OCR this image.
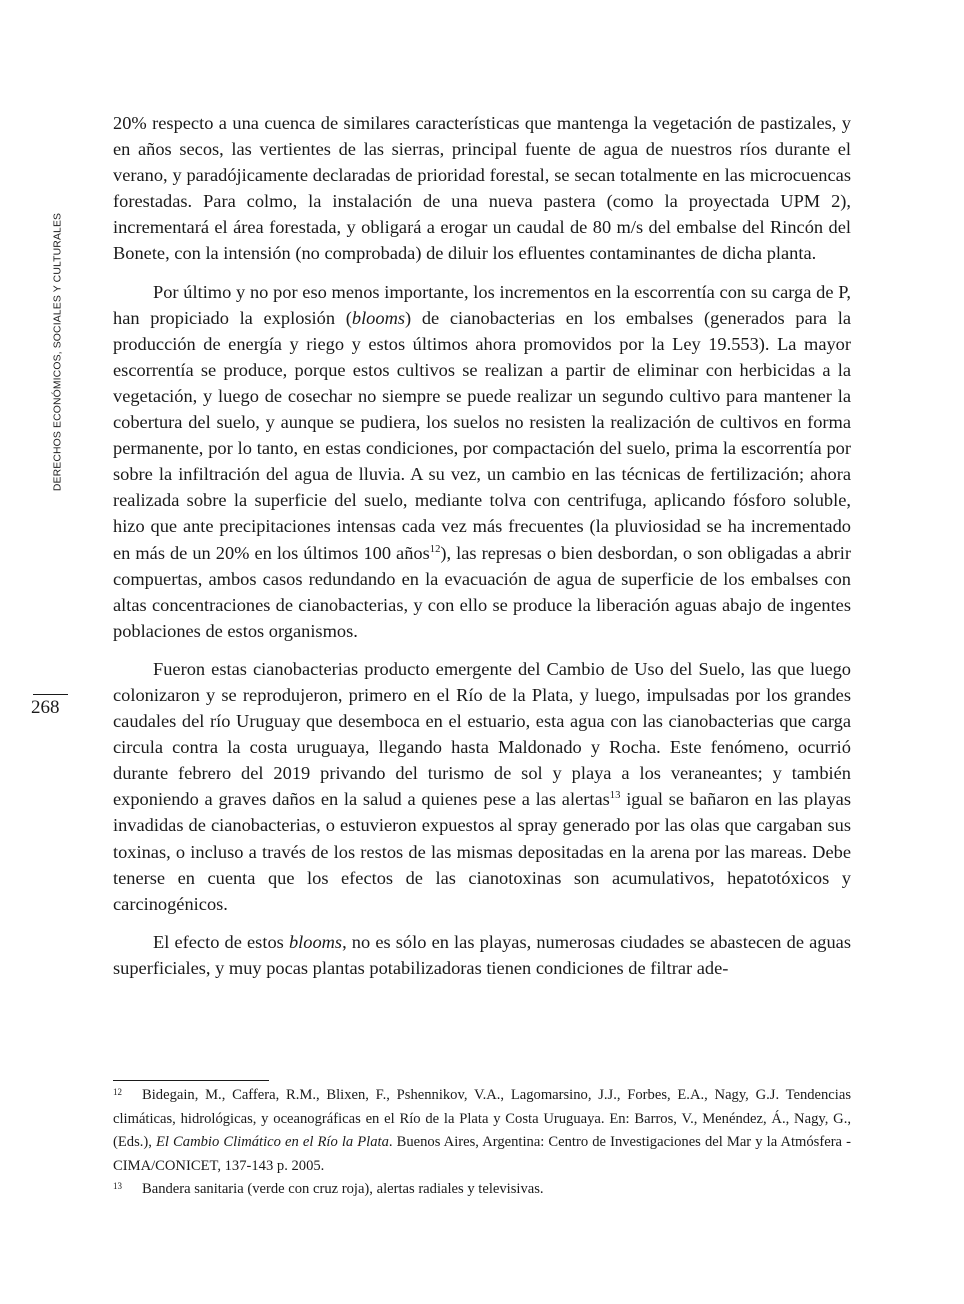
DERECHOS ECONÓMICOS, SOCIALES Y CULTURALES
268

20% respecto a una cuenca de similares características que mantenga la vegetación de pastizales, y en años secos, las vertientes de las sierras, principal fuente de agua de nuestros ríos durante el verano, y paradójicamente declaradas de prioridad forestal, se secan totalmente en las microcuencas forestadas. Para colmo, la instalación de una nueva pastera (como la proyectada UPM 2), incrementará el área forestada, y obligará a erogar un caudal de 80 m/s del embalse del Rincón del Bonete, con la intensión (no comprobada) de diluir los efluentes contaminantes de dicha planta.

Por último y no por eso menos importante, los incrementos en la escorrentía con su carga de P, han propiciado la explosión (blooms) de cianobacterias en los embalses (generados para la producción de energía y riego y estos últimos ahora promovidos por la Ley 19.553). La mayor escorrentía se produce, porque estos cultivos se realizan a partir de eliminar con herbicidas a la vegetación, y luego de cosechar no siempre se puede realizar un segundo cultivo para mantener la cobertura del suelo, y aunque se pudiera, los suelos no resisten la realización de cultivos en forma permanente, por lo tanto, en estas condiciones, por compactación del suelo, prima la escorrentía por sobre la infiltración del agua de lluvia. A su vez, un cambio en las técnicas de fertilización; ahora realizada sobre la superficie del suelo, mediante tolva con centrifuga, aplicando fósforo soluble, hizo que ante precipitaciones intensas cada vez más frecuentes (la pluviosidad se ha incrementado en más de un 20% en los últimos 100 años$^{12}$), las represas o bien desbordan, o son obligadas a abrir compuertas, ambos casos redundando en la evacuación de agua de superficie de los embalses con altas concentraciones de cianobacterias, y con ello se produce la liberación aguas abajo de ingentes poblaciones de estos organismos.

Fueron estas cianobacterias producto emergente del Cambio de Uso del Suelo, las que luego colonizaron y se reprodujeron, primero en el Río de la Plata, y luego, impulsadas por los grandes caudales del río Uruguay que desemboca en el estuario, esta agua con las cianobacterias que carga circula contra la costa uruguaya, llegando hasta Maldonado y Rocha. Este fenómeno, ocurrió durante febrero del 2019 privando del turismo de sol y playa a los veraneantes; y también exponiendo a graves daños en la salud a quienes pese a las alertas$^{13}$ igual se bañaron en las playas invadidas de cianobacterias, o estuvieron expuestos al spray generado por las olas que cargaban sus toxinas, o incluso a través de los restos de las mismas depositadas en la arena por las mareas. Debe tenerse en cuenta que los efectos de las cianotoxinas son acumulativos, hepatotóxicos y carcinogénicos.

El efecto de estos blooms, no es sólo en las playas, numerosas ciudades se abastecen de aguas superficiales, y muy pocas plantas potabilizadoras tienen condiciones de filtrar ade-

12 Bidegain, M., Caffera, R.M., Blixen, F., Pshennikov, V.A., Lagomarsino, J.J., Forbes, E.A., Nagy, G.J. Tendencias climáticas, hidrológicas, y oceanográficas en el Río de la Plata y Costa Uruguaya. En: Barros, V., Menéndez, Á., Nagy, G., (Eds.), El Cambio Climático en el Río la Plata. Buenos Aires, Argentina: Centro de Investigaciones del Mar y la Atmósfera - CIMA/CONICET, 137-143 p. 2005.

13 Bandera sanitaria (verde con cruz roja), alertas radiales y televisivas.
